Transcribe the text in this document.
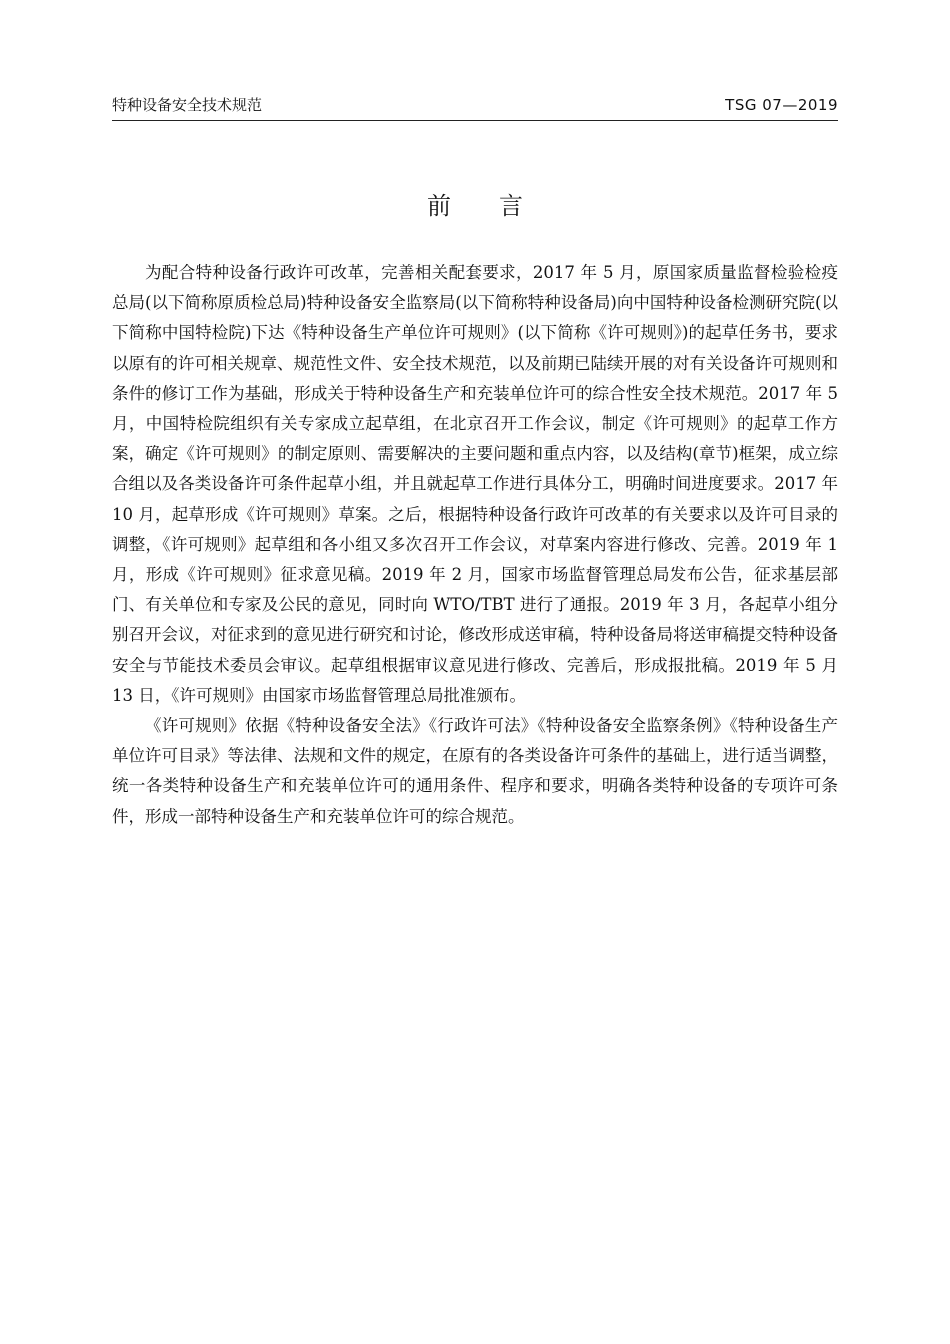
特种设备安全技术规范	TSG 07—2019
前言

为配合特种设备行政许可改革，完善相关配套要求，2017 年 5 月，原国家质量监督检验检疫总局(以下简称原质检总局)特种设备安全监察局(以下简称特种设备局)向中国特种设备检测研究院(以下简称中国特检院)下达《特种设备生产单位许可规则》(以下简称《许可规则》)的起草任务书，要求以原有的许可相关规章、规范性文件、安全技术规范，以及前期已陆续开展的对有关设备许可规则和条件的修订工作为基础，形成关于特种设备生产和充装单位许可的综合性安全技术规范。2017 年 5 月，中国特检院组织有关专家成立起草组，在北京召开工作会议，制定《许可规则》的起草工作方案，确定《许可规则》的制定原则、需要解决的主要问题和重点内容，以及结构(章节)框架，成立综合组以及各类设备许可条件起草小组，并且就起草工作进行具体分工，明确时间进度要求。2017 年 10 月，起草形成《许可规则》草案。之后，根据特种设备行政许可改革的有关要求以及许可目录的调整，《许可规则》起草组和各小组又多次召开工作会议，对草案内容进行修改、完善。2019 年 1 月，形成《许可规则》征求意见稿。2019 年 2 月，国家市场监督管理总局发布公告，征求基层部门、有关单位和专家及公民的意见，同时向 WTO/TBT 进行了通报。2019 年 3 月，各起草小组分别召开会议，对征求到的意见进行研究和讨论，修改形成送审稿，特种设备局将送审稿提交特种设备安全与节能技术委员会审议。起草组根据审议意见进行修改、完善后，形成报批稿。2019 年 5 月 13 日，《许可规则》由国家市场监督管理总局批准颁布。

《许可规则》依据《特种设备安全法》《行政许可法》《特种设备安全监察条例》《特种设备生产单位许可目录》等法律、法规和文件的规定，在原有的各类设备许可条件的基础上，进行适当调整，统一各类特种设备生产和充装单位许可的通用条件、程序和要求，明确各类特种设备的专项许可条件，形成一部特种设备生产和充装单位许可的综合规范。
